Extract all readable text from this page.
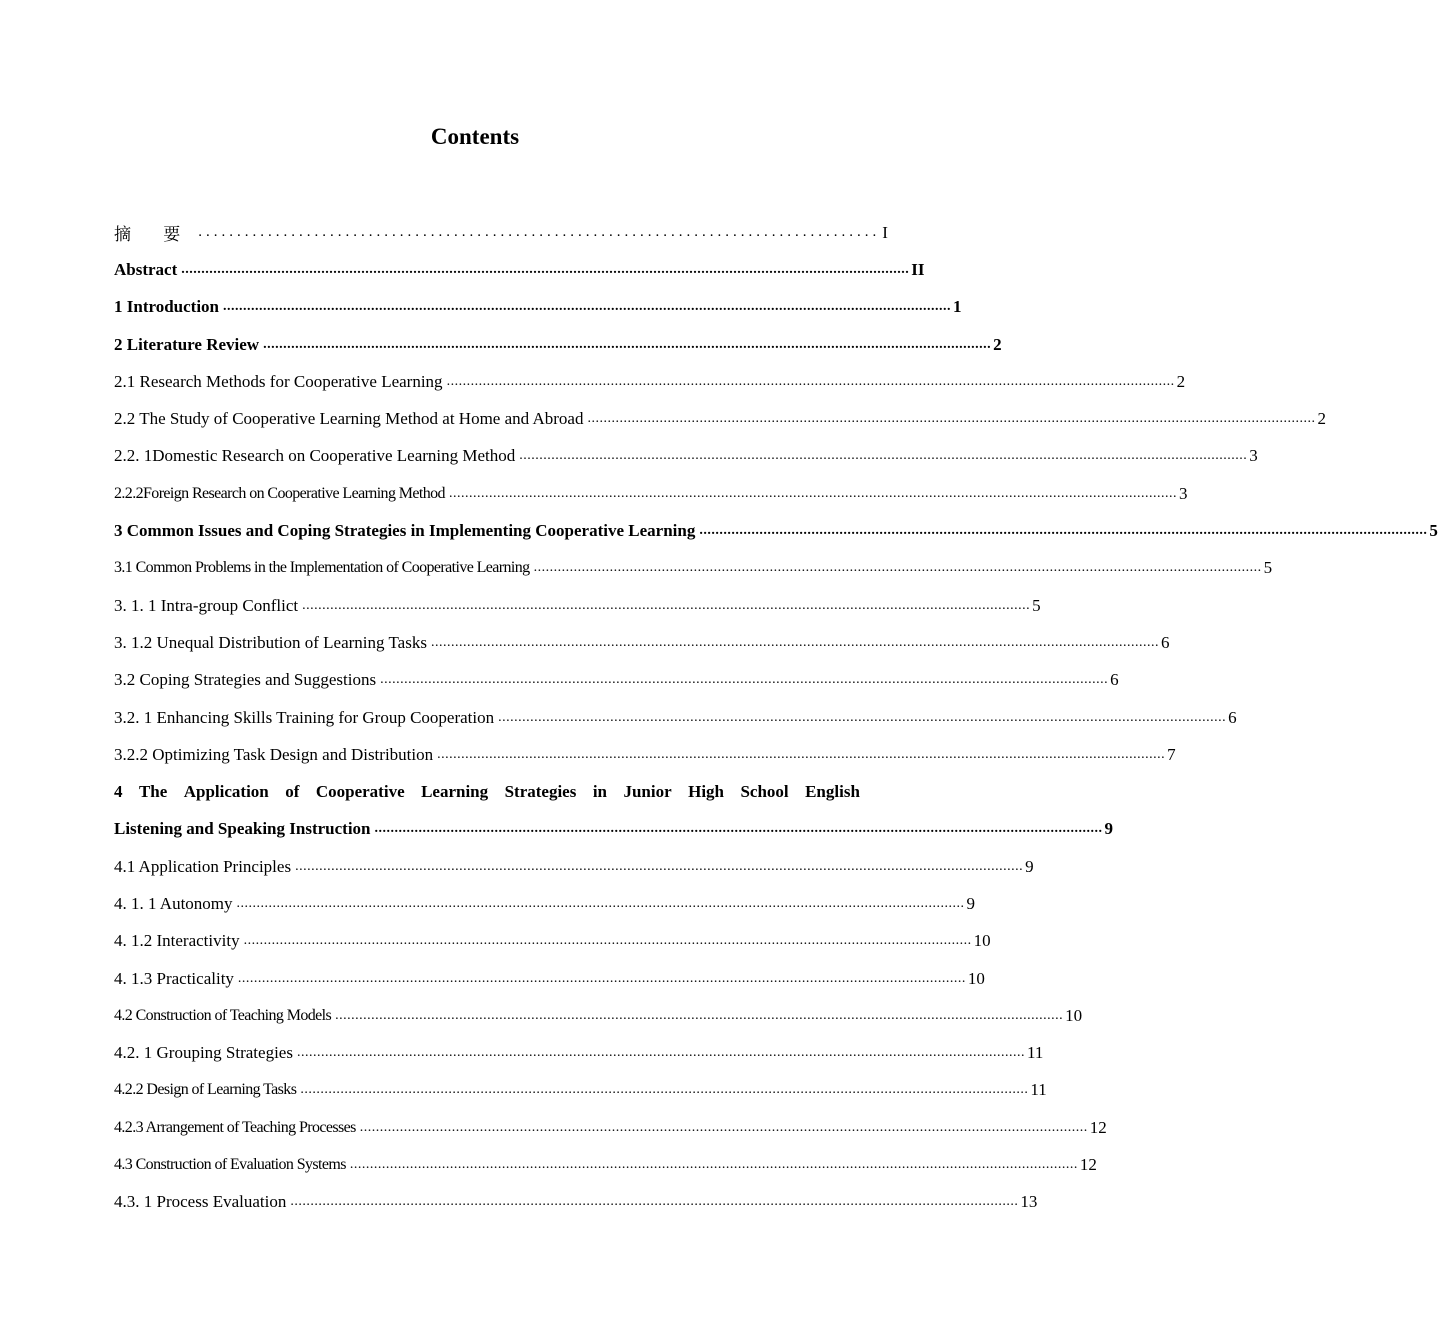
Contents
摘 要 ........................................................................................ I
Abstract ...................................................................................................................................................................................... II
1 Introduction ...................................................................................................................................................................................... 1
2 Literature Review ...................................................................................................................................................................................... 2
2.1 Research Methods for Cooperative Learning ...................................................................................................................................................................................... 2
2.2 The Study of Cooperative Learning Method at Home and Abroad ...................................................................................................................................................................................... 2
2.2. 1Domestic Research on Cooperative Learning Method ...................................................................................................................................................................................... 3
2.2.2Foreign Research on Cooperative Learning Method ...................................................................................................................................................................................... 3
3 Common Issues and Coping Strategies in Implementing Cooperative Learning ...................................................................................................................................................................................... 5
3.1 Common Problems in the Implementation of Cooperative Learning ...................................................................................................................................................................................... 5
3. 1. 1 Intra-group Conflict ...................................................................................................................................................................................... 5
3. 1.2 Unequal Distribution of Learning Tasks ...................................................................................................................................................................................... 6
3.2 Coping Strategies and Suggestions ...................................................................................................................................................................................... 6
3.2. 1 Enhancing Skills Training for Group Cooperation ...................................................................................................................................................................................... 6
3.2.2 Optimizing Task Design and Distribution ...................................................................................................................................................................................... 7
4 The Application of Cooperative Learning Strategies in Junior High School English
Listening and Speaking Instruction ...................................................................................................................................................................................... 9
4.1 Application Principles ...................................................................................................................................................................................... 9
4. 1. 1 Autonomy ...................................................................................................................................................................................... 9
4. 1.2 Interactivity ...................................................................................................................................................................................... 10
4. 1.3 Practicality ...................................................................................................................................................................................... 10
4.2 Construction of Teaching Models ...................................................................................................................................................................................... 10
4.2. 1 Grouping Strategies ...................................................................................................................................................................................... 11
4.2.2 Design of Learning Tasks ...................................................................................................................................................................................... 11
4.2.3 Arrangement of Teaching Processes ...................................................................................................................................................................................... 12
4.3 Construction of Evaluation Systems ...................................................................................................................................................................................... 12
4.3. 1 Process Evaluation ...................................................................................................................................................................................... 13
